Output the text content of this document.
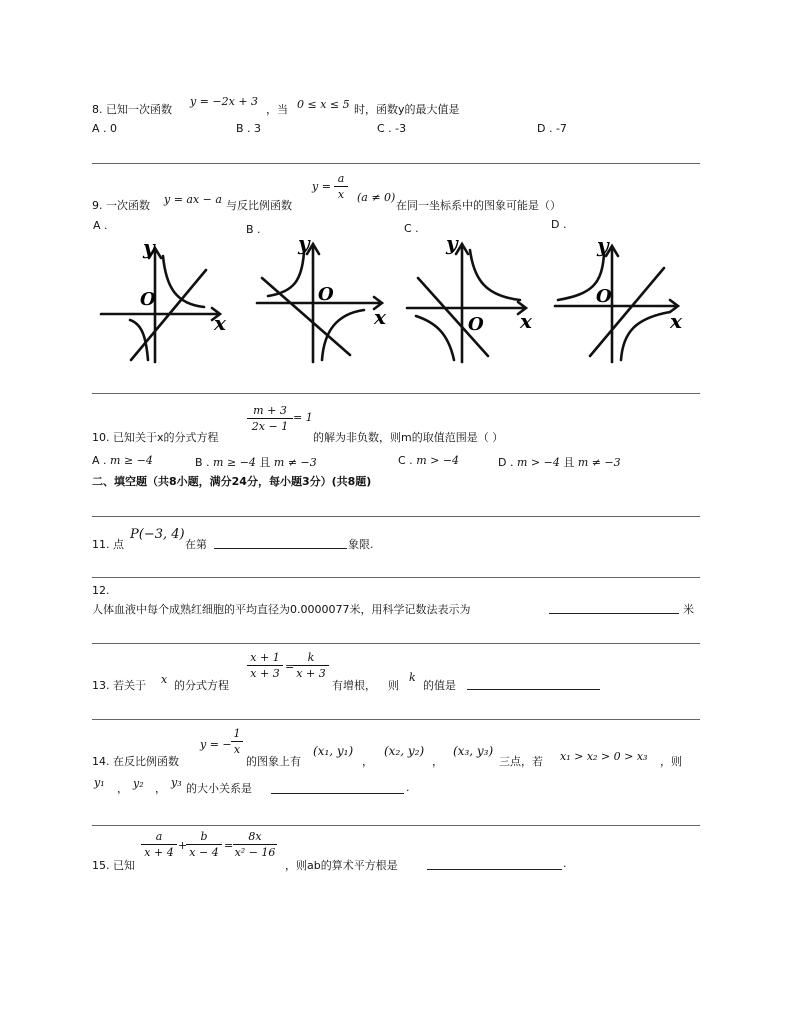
8. 已知一次函数
y = −2x + 3
，当 0 ≤ x ≤ 5 时，函数y的最大值是
A . 0	B . 3	C . -3	D . -7
9. 一次函数 y = ax − a 与反比例函数
$y = \frac{a}{x} (a \ne 0)$
在同一坐标系中的图象可能是（）
A .	B .	C .	D .
y
O
x
y
O
x
y
O x
y
O
x
10. 已知关于x的分式方程
$\frac{m + 3}{2x - 1} = 1$
的解为非负数，则m的取值范围是（ ）
A . m ≥ −4	B . m ≥ −4 且 m ≠ −3	C . m > −4	D . m > −4 且 m ≠ −3
二、填空题（共8小题，满分24分，每小题3分）(共8题)
11. 点
P(−3, 4)
在第	象限.
12.
人体血液中每个成熟红细胞的平均直径为0.0000077米，用科学记数法表示为	米
13. 若关于 x 的分式方程
$\frac{x + 1}{x + 3}$ =
$\frac{k}{x + 3}$
有增根， 则
k
的值是
14. 在反比例函数
y = − $\frac{1}{x}$
的图象上有
(x₁, y₁)
，
(x₂, y₂)
，
(x₃, y₃)
三点，若 x₁ > x₂ > 0 > x₃ ，则
y₁ ， y₂ ， y₃ 的大小关系是	.
15. 已知
$\frac{a}{x + 4}$ +
$\frac{b}{x - 4} = \frac{8x}{\text{x² − 16}}$
，则ab的算术平方根是	.
